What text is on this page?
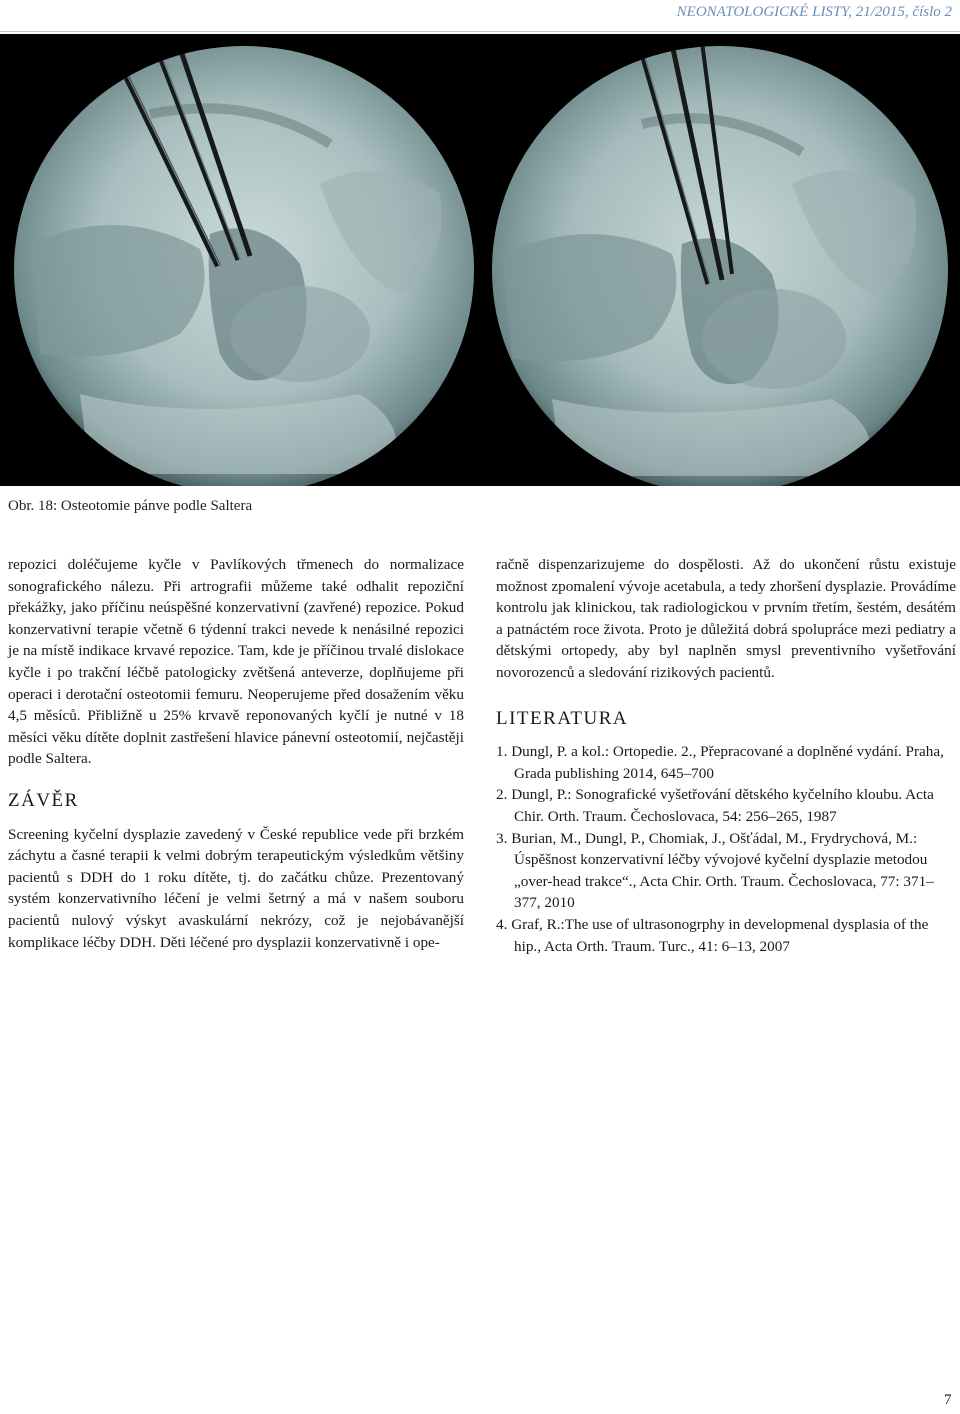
NEONATOLOGICKÉ LISTY, 21/2015, číslo 2
Obr. 18: Osteotomie pánve podle Saltera

repozici doléčujeme kyčle v Pavlíkových třmenech do normalizace sonografického nálezu. Při artrografii můžeme také odhalit repoziční překážky, jako příčinu neúspěšné konzervativní (zavřené) repozice. Pokud konzervativní terapie včetně 6 týdenní trakci nevede k nenásilné repozici je na místě indikace krvavé repozice. Tam, kde je příčinou trvalé dislokace kyčle i po trakční léčbě patologicky zvětšená anteverze, doplňujeme při operaci i derotační osteotomii femuru. Neoperujeme před dosažením věku 4,5 měsíců. Přibližně u 25% krvavě reponovaných kyčlí je nutné v 18 měsíci věku dítěte doplnit zastřešení hlavice pánevní osteotomií, nejčastěji podle Saltera.

ZÁVĚR

Screening kyčelní dysplazie zavedený v České republice vede při brzkém záchytu a časné terapii k velmi dobrým terapeutickým výsledkům většiny pacientů s DDH do 1 roku dítěte, tj. do začátku chůze. Prezentovaný systém konzervativního léčení je velmi šetrný a má v našem souboru pacientů nulový výskyt avaskulární nekrózy, což je nejobávanější komplikace léčby DDH. Děti léčené pro dysplazii konzervativně i ope-

račně dispenzarizujeme do dospělosti. Až do ukončení růstu existuje možnost zpomalení vývoje acetabula, a tedy zhoršení dysplazie. Provádíme kontrolu jak klinickou, tak radiologickou v prvním třetím, šestém, desátém a patnáctém roce života. Proto je důležitá dobrá spolupráce mezi pediatry a dětskými ortopedy, aby byl naplněn smysl preventivního vyšetřování novorozenců a sledování rizikových pacientů.

LITERATURA
1. Dungl, P. a kol.: Ortopedie. 2., Přepracované a doplněné vydání. Praha, Grada publishing 2014, 645–700
2. Dungl, P.: Sonografické vyšetřování dětského kyčelního kloubu. Acta Chir. Orth. Traum. Čechoslovaca, 54: 256–265, 1987
3. Burian, M., Dungl, P., Chomiak, J., Ošťádal, M., Frydrychová, M.: Úspěšnost konzervativní léčby vývojové kyčelní dysplazie metodou „over-head trakce“., Acta Chir. Orth. Traum. Čechoslovaca, 77: 371–377, 2010
4. Graf, R.:The use of ultrasonogrphy in developmenal dysplasia of the hip., Acta Orth. Traum. Turc., 41: 6–13, 2007
7
